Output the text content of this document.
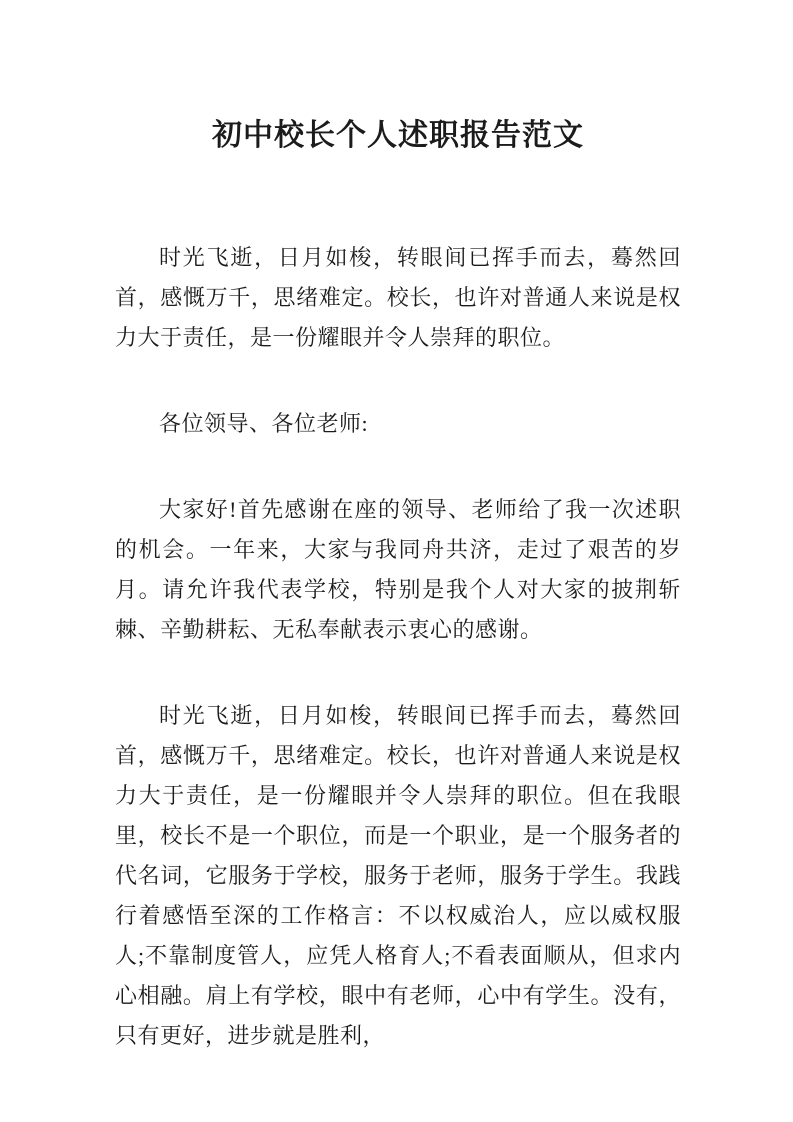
初中校长个人述职报告范文

时光飞逝，日月如梭，转眼间已挥手而去，蓦然回首，感慨万千，思绪难定。校长，也许对普通人来说是权力大于责任，是一份耀眼并令人崇拜的职位。

各位领导、各位老师:

大家好!首先感谢在座的领导、老师给了我一次述职的机会。一年来，大家与我同舟共济，走过了艰苦的岁月。请允许我代表学校，特别是我个人对大家的披荆斩棘、辛勤耕耘、无私奉献表示衷心的感谢。

时光飞逝，日月如梭，转眼间已挥手而去，蓦然回首，感慨万千，思绪难定。校长，也许对普通人来说是权力大于责任，是一份耀眼并令人崇拜的职位。但在我眼里，校长不是一个职位，而是一个职业，是一个服务者的代名词，它服务于学校，服务于老师，服务于学生。我践行着感悟至深的工作格言：不以权威治人，应以威权服人;不靠制度管人，应凭人格育人;不看表面顺从，但求内心相融。肩上有学校，眼中有老师，心中有学生。没有，只有更好，进步就是胜利，
